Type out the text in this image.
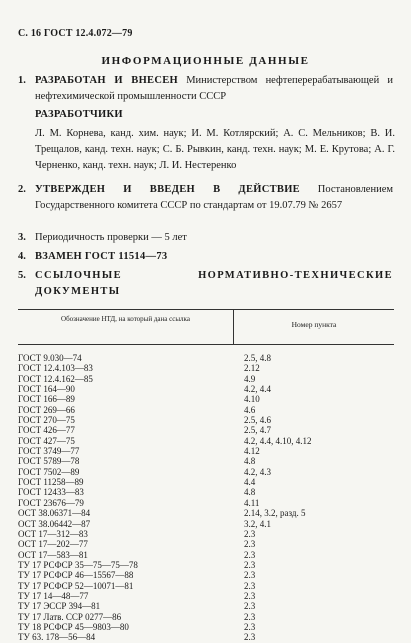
С. 16 ГОСТ 12.4.072—79
ИНФОРМАЦИОННЫЕ ДАННЫЕ
1. РАЗРАБОТАН И ВНЕСЕН Министерством нефтеперерабатывающей и нефтехимической промышленности СССР
РАЗРАБОТЧИКИ
Л. М. Корнева, канд. хим. наук; И. М. Котлярский; А. С. Мельников; В. И. Трещалов, канд. техн. наук; С. Б. Рывкин, канд. техн. наук; М. Е. Крутова; А. Г. Черненко, канд. техн. наук; Л. И. Нестеренко
2. УТВЕРЖДЕН И ВВЕДЕН В ДЕЙСТВИЕ Постановлением Государственного комитета СССР по стандартам от 19.07.79 № 2657
3. Периодичность проверки — 5 лет
4. ВЗАМЕН ГОСТ 11514—73
5. ССЫЛОЧНЫЕ НОРМАТИВНО-ТЕХНИЧЕСКИЕ ДОКУМЕНТЫ
Обозначение НТД, на который дана ссылка
Номер пункта
ГОСТ 9.030—74	2.5, 4.8
ГОСТ 12.4.103—83	2.12
ГОСТ 12.4.162—85	4.9
ГОСТ 164—90	4.2, 4.4
ГОСТ 166—89	4.10
ГОСТ 269—66	4.6
ГОСТ 270—75	2.5, 4.6
ГОСТ 426—77	2.5, 4.7
ГОСТ 427—75	4.2, 4.4, 4.10, 4.12
ГОСТ 3749—77	4.12
ГОСТ 5789—78	4.8
ГОСТ 7502—89	4.2, 4.3
ГОСТ 11258—89	4.4
ГОСТ 12433—83	4.8
ГОСТ 23676—79	4.11
ОСТ 38.06371—84	2.14, 3.2, разд. 5
ОСТ 38.06442—87	3.2, 4.1
ОСТ 17—312—83	2.3
ОСТ 17—202—77	2.3
ОСТ 17—583—81	2.3
ТУ 17 РСФСР 35—75—75—78	2.3
ТУ 17 РСФСР 46—15567—88	2.3
ТУ 17 РСФСР 52—10071—81	2.3
ТУ 17 14—48—77	2.3
ТУ 17 ЭССР 394—81	2.3
ТУ 17 Латв. ССР 0277—86	2.3
ТУ 18 РСФСР 45—9803—80	2.3
ТУ 63. 178—56—84	2.3
